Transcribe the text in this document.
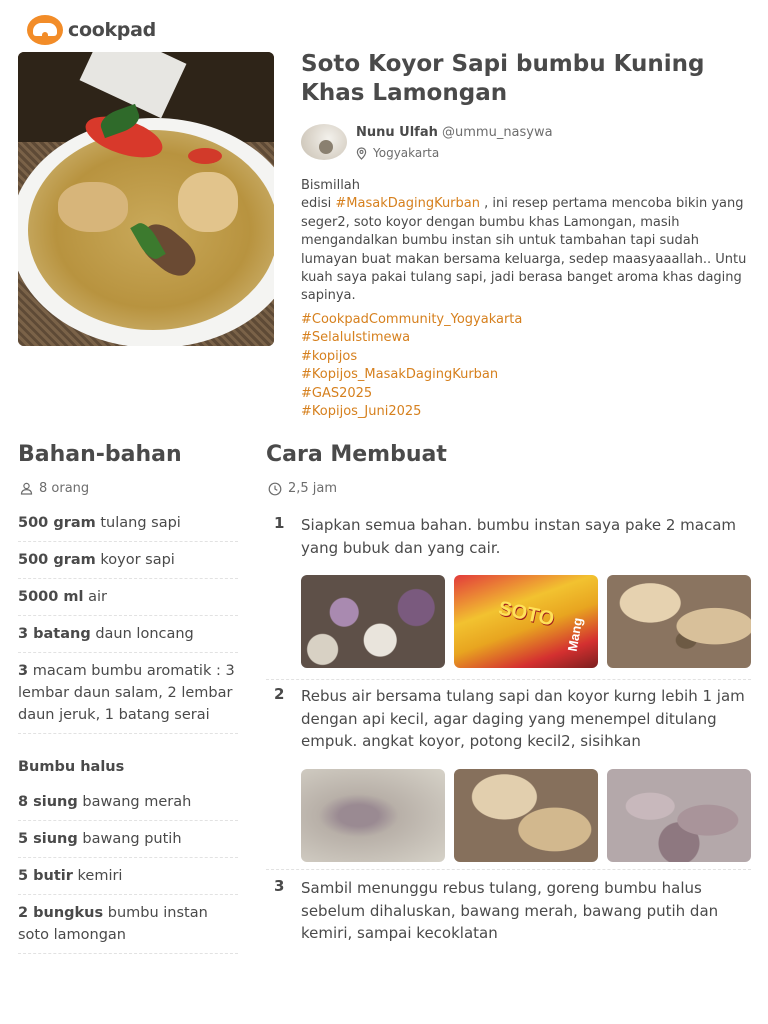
cookpad
Soto Koyor Sapi bumbu Kuning Khas Lamongan
Nunu Ulfah @ummu_nasywa
Yogyakarta
Bismillah
edisi #MasakDagingKurban , ini resep pertama mencoba bikin yang seger2, soto koyor dengan bumbu khas Lamongan, masih mengandalkan bumbu instan sih untuk tambahan tapi sudah lumayan buat makan bersama keluarga, sedep maasyaaallah.. Untu kuah saya pakai tulang sapi, jadi berasa banget aroma khas daging sapinya.
#CookpadCommunity_Yogyakarta
#SelaluIstimewa
#kopijos
#Kopijos_MasakDagingKurban
#GAS2025
#Kopijos_Juni2025
Bahan-bahan
8 orang
500 gram tulang sapi
500 gram koyor sapi
5000 ml air
3 batang daun loncang
3 macam bumbu aromatik : 3 lembar daun salam, 2 lembar daun jeruk, 1 batang serai
Bumbu halus
8 siung bawang merah
5 siung bawang putih
5 butir kemiri
2 bungkus bumbu instan soto lamongan
Cara Membuat
2,5 jam
1 Siapkan semua bahan. bumbu instan saya pake 2 macam yang bubuk dan yang cair.
SOTO
Mang
2 Rebus air bersama tulang sapi dan koyor kurng lebih 1 jam dengan api kecil, agar daging yang menempel ditulang empuk. angkat koyor, potong kecil2, sisihkan
3 Sambil menunggu rebus tulang, goreng bumbu halus sebelum dihaluskan, bawang merah, bawang putih dan kemiri, sampai kecoklatan
